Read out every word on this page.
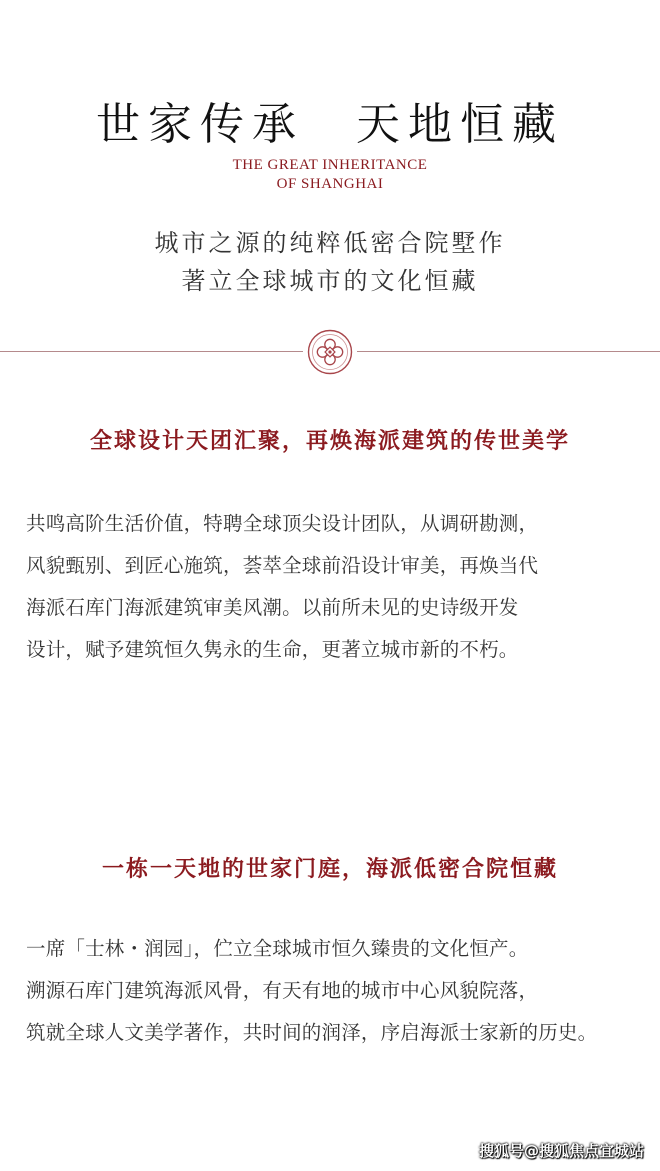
世家传承　天地恒藏
THE GREAT INHERITANCE
OF SHANGHAI
城市之源的纯粹低密合院墅作
著立全球城市的文化恒藏
全球设计天团汇聚，再焕海派建筑的传世美学
共鸣高阶生活价值，特聘全球顶尖设计团队，从调研勘测，
风貌甄别、到匠心施筑，荟萃全球前沿设计审美，再焕当代
海派石库门海派建筑审美风潮。以前所未见的史诗级开发
设计，赋予建筑恒久隽永的生命，更著立城市新的不朽。
一栋一天地的世家门庭，海派低密合院恒藏
一席「士林・润园」，伫立全球城市恒久臻贵的文化恒产。
溯源石库门建筑海派风骨，有天有地的城市中心风貌院落，
筑就全球人文美学著作，共时间的润泽，序启海派士家新的历史。
搜狐号@搜狐焦点宜城站
